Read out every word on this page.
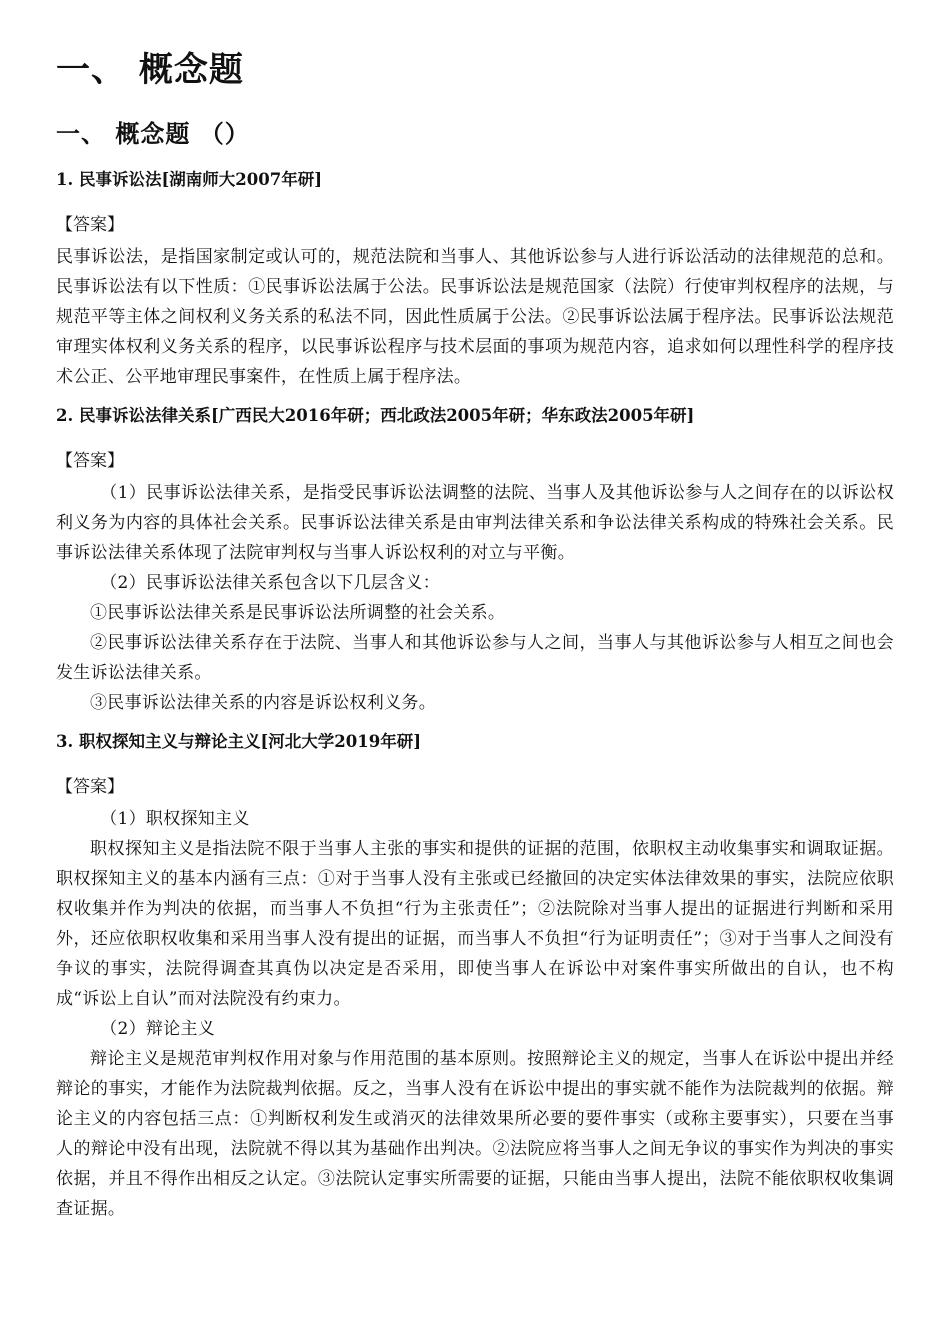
一、 概念题
一、 概念题 （）
1. 民事诉讼法[湖南师大2007年研]
【答案】

民事诉讼法，是指国家制定或认可的，规范法院和当事人、其他诉讼参与人进行诉讼活动的法律规范的总和。民事诉讼法有以下性质：①民事诉讼法属于公法。民事诉讼法是规范国家（法院）行使审判权程序的法规，与规范平等主体之间权利义务关系的私法不同，因此性质属于公法。②民事诉讼法属于程序法。民事诉讼法规范审理实体权利义务关系的程序，以民事诉讼程序与技术层面的事项为规范内容，追求如何以理性科学的程序技术公正、公平地审理民事案件，在性质上属于程序法。

2. 民事诉讼法律关系[广西民大2016年研；西北政法2005年研；华东政法2005年研]
【答案】

（1）民事诉讼法律关系，是指受民事诉讼法调整的法院、当事人及其他诉讼参与人之间存在的以诉讼权利义务为内容的具体社会关系。民事诉讼法律关系是由审判法律关系和争讼法律关系构成的特殊社会关系。民事诉讼法律关系体现了法院审判权与当事人诉讼权利的对立与平衡。

（2）民事诉讼法律关系包含以下几层含义：

①民事诉讼法律关系是民事诉讼法所调整的社会关系。

②民事诉讼法律关系存在于法院、当事人和其他诉讼参与人之间，当事人与其他诉讼参与人相互之间也会发生诉讼法律关系。

③民事诉讼法律关系的内容是诉讼权利义务。

3. 职权探知主义与辩论主义[河北大学2019年研]
【答案】

（1）职权探知主义

职权探知主义是指法院不限于当事人主张的事实和提供的证据的范围，依职权主动收集事实和调取证据。职权探知主义的基本内涵有三点：①对于当事人没有主张或已经撤回的决定实体法律效果的事实，法院应依职权收集并作为判决的依据，而当事人不负担“行为主张责任”；②法院除对当事人提出的证据进行判断和采用外，还应依职权收集和采用当事人没有提出的证据，而当事人不负担“行为证明责任”；③对于当事人之间没有争议的事实，法院得调查其真伪以决定是否采用，即使当事人在诉讼中对案件事实所做出的自认，也不构成“诉讼上自认”而对法院没有约束力。

（2）辩论主义

辩论主义是规范审判权作用对象与作用范围的基本原则。按照辩论主义的规定，当事人在诉讼中提出并经辩论的事实，才能作为法院裁判依据。反之，当事人没有在诉讼中提出的事实就不能作为法院裁判的依据。辩论主义的内容包括三点：①判断权利发生或消灭的法律效果所必要的要件事实（或称主要事实），只要在当事人的辩论中没有出现，法院就不得以其为基础作出判决。②法院应将当事人之间无争议的事实作为判决的事实依据，并且不得作出相反之认定。③法院认定事实所需要的证据，只能由当事人提出，法院不能依职权收集调查证据。
